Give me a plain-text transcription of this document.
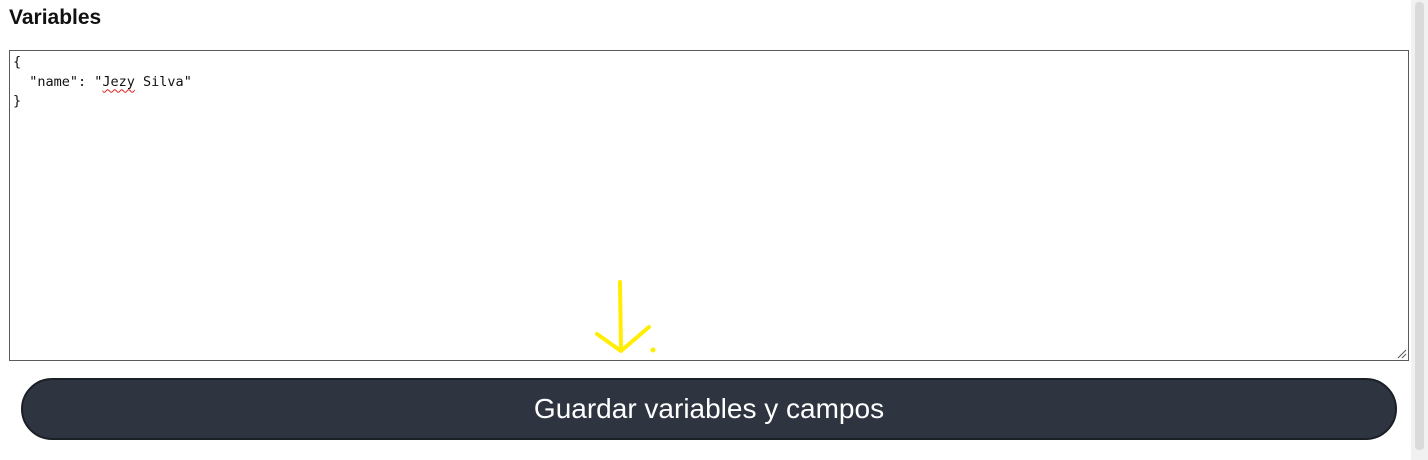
Variables
{
"name": "Jezy Silva"
}
Guardar variables y campos
